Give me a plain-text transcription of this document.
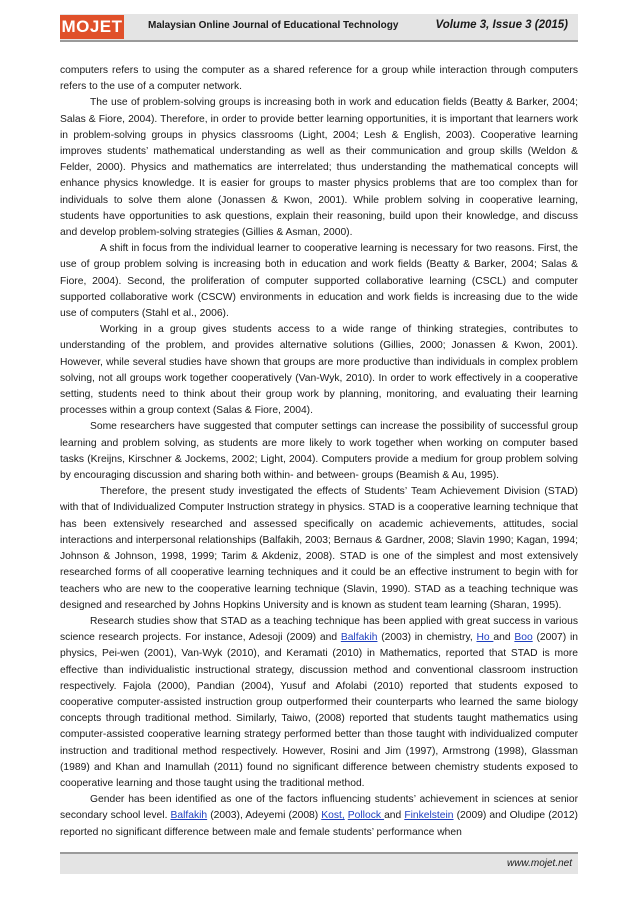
MOJET	Malaysian Online Journal of Educational Technology	Volume 3, Issue 3 (2015)

computers refers to using the computer as a shared reference for a group while interaction through computers refers to the use of a computer network.

The use of problem-solving groups is increasing both in work and education fields (Beatty & Barker, 2004; Salas & Fiore, 2004). Therefore, in order to provide better learning opportunities, it is important that learners work in problem-solving groups in physics classrooms (Light, 2004; Lesh & English, 2003). Cooperative learning improves students’ mathematical understanding as well as their communication and group skills (Weldon & Felder, 2000). Physics and mathematics are interrelated; thus understanding the mathematical concepts will enhance physics knowledge. It is easier for groups to master physics problems that are too complex than for individuals to solve them alone (Jonassen & Kwon, 2001). While problem solving in cooperative learning, students have opportunities to ask questions, explain their reasoning, build upon their knowledge, and discuss and develop problem-solving strategies (Gillies & Asman, 2000).

A shift in focus from the individual learner to cooperative learning is necessary for two reasons. First, the use of group problem solving is increasing both in education and work fields (Beatty & Barker, 2004; Salas & Fiore, 2004). Second, the proliferation of computer supported collaborative learning (CSCL) and computer supported collaborative work (CSCW) environments in education and work fields is increasing due to the wide use of computers (Stahl et al., 2006).

Working in a group gives students access to a wide range of thinking strategies, contributes to understanding of the problem, and provides alternative solutions (Gillies, 2000; Jonassen & Kwon, 2001). However, while several studies have shown that groups are more productive than individuals in complex problem solving, not all groups work together cooperatively (Van-Wyk, 2010). In order to work effectively in a cooperative setting, students need to think about their group work by planning, monitoring, and evaluating their learning processes within a group context (Salas & Fiore, 2004).

Some researchers have suggested that computer settings can increase the possibility of successful group learning and problem solving, as students are more likely to work together when working on computer based tasks (Kreijns, Kirschner & Jockems, 2002; Light, 2004). Computers provide a medium for group problem solving by encouraging discussion and sharing both within- and between- groups (Beamish & Au, 1995).

Therefore, the present study investigated the effects of Students’ Team Achievement Division (STAD) with that of Individualized Computer Instruction strategy in physics. STAD is a cooperative learning technique that has been extensively researched and assessed specifically on academic achievements, attitudes, social interactions and interpersonal relationships (Balfakih, 2003; Bernaus & Gardner, 2008; Slavin 1990; Kagan, 1994; Johnson & Johnson, 1998, 1999; Tarim & Akdeniz, 2008). STAD is one of the simplest and most extensively researched forms of all cooperative learning techniques and it could be an effective instrument to begin with for teachers who are new to the cooperative learning technique (Slavin, 1990). STAD as a teaching technique was designed and researched by Johns Hopkins University and is known as student team learning (Sharan, 1995).

Research studies show that STAD as a teaching technique has been applied with great success in various science research projects. For instance, Adesoji (2009) and Balfakih (2003) in chemistry, Ho and Boo (2007) in physics, Pei-wen (2001), Van-Wyk (2010), and Keramati (2010) in Mathematics, reported that STAD is more effective than individualistic instructional strategy, discussion method and conventional classroom instruction respectively. Fajola (2000), Pandian (2004), Yusuf and Afolabi (2010) reported that students exposed to cooperative computer-assisted instruction group outperformed their counterparts who learned the same biology concepts through traditional method. Similarly, Taiwo, (2008) reported that students taught mathematics using computer-assisted cooperative learning strategy performed better than those taught with individualized computer instruction and traditional method respectively. However, Rosini and Jim (1997), Armstrong (1998), Glassman (1989) and Khan and Inamullah (2011) found no significant difference between chemistry students exposed to cooperative learning and those taught using the traditional method.

Gender has been identified as one of the factors influencing students’ achievement in sciences at senior secondary school level. Balfakih (2003), Adeyemi (2008) Kost, Pollock and Finkelstein (2009) and Oludipe (2012) reported no significant difference between male and female students’ performance when

www.mojet.net
